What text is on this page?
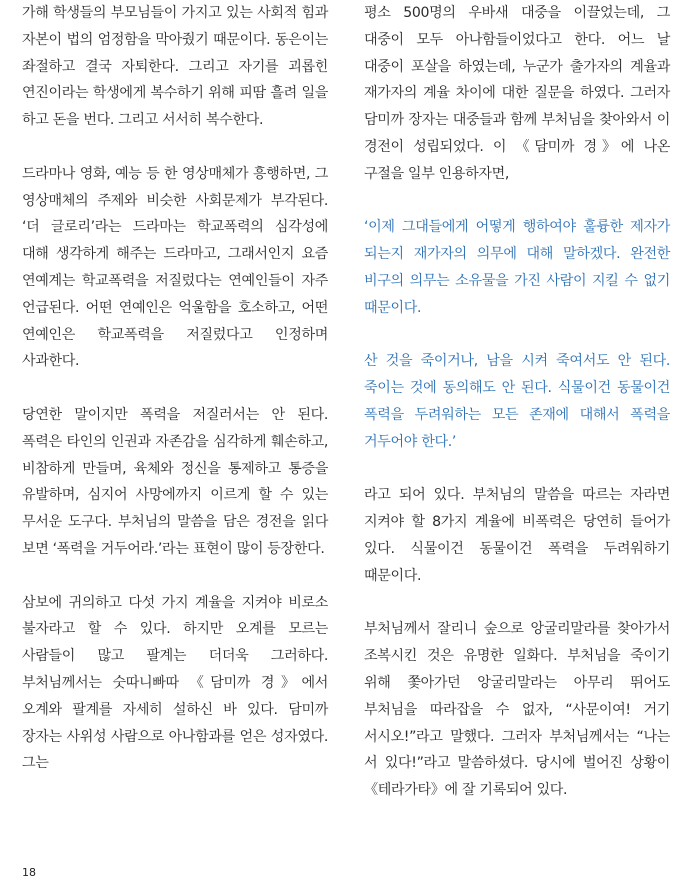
가해 학생들의 부모님들이 가지고 있는 사회적 힘과 자본이 법의 엄정함을 막아줬기 때문이다. 동은이는 좌절하고 결국 자퇴한다. 그리고 자기를 괴롭힌 연진이라는 학생에게 복수하기 위해 피땀 흘려 일을 하고 돈을 번다. 그리고 서서히 복수한다.

드라마나 영화, 예능 등 한 영상매체가 흥행하면, 그 영상매체의 주제와 비슷한 사회문제가 부각된다. ‘더 글로리’라는 드라마는 학교폭력의 심각성에 대해 생각하게 해주는 드라마고, 그래서인지 요즘 연예계는 학교폭력을 저질렀다는 연예인들이 자주 언급된다. 어떤 연예인은 억울함을 호소하고, 어떤 연예인은 학교폭력을 저질렀다고 인정하며 사과한다.

당연한 말이지만 폭력을 저질러서는 안 된다. 폭력은 타인의 인권과 자존감을 심각하게 훼손하고, 비참하게 만들며, 육체와 정신을 통제하고 통증을 유발하며, 심지어 사망에까지 이르게 할 수 있는 무서운 도구다. 부처님의 말씀을 담은 경전을 읽다 보면 ‘폭력을 거두어라.’라는 표현이 많이 등장한다.

삼보에 귀의하고 다섯 가지 계율을 지켜야 비로소 불자라고 할 수 있다. 하지만 오계를 모르는 사람들이 많고 팔계는 더더욱 그러하다. 부처님께서는 숫따니빠따 《담미까 경》에서 오계와 팔계를 자세히 설하신 바 있다. 담미까 장자는 사위성 사람으로 아나함과를 얻은 성자였다. 그는

평소 500명의 우바새 대중을 이끌었는데, 그 대중이 모두 아나함들이었다고 한다. 어느 날 대중이 포살을 하였는데, 누군가 출가자의 계율과 재가자의 계율 차이에 대한 질문을 하였다. 그러자 담미까 장자는 대중들과 함께 부처님을 찾아와서 이 경전이 성립되었다. 이 《담미까 경》에 나온 구절을 일부 인용하자면,

‘이제 그대들에게 어떻게 행하여야 훌륭한 제자가 되는지 재가자의 의무에 대해 말하겠다. 완전한 비구의 의무는 소유물을 가진 사람이 지킬 수 없기 때문이다.

산 것을 죽이거나, 남을 시켜 죽여서도 안 된다. 죽이는 것에 동의해도 안 된다. 식물이건 동물이건 폭력을 두려워하는 모든 존재에 대해서 폭력을 거두어야 한다.’

라고 되어 있다. 부처님의 말씀을 따르는 자라면 지켜야 할 8가지 계율에 비폭력은 당연히 들어가 있다. 식물이건 동물이건 폭력을 두려워하기 때문이다.

부처님께서 잘리니 숲으로 앙굴리말라를 찾아가서 조복시킨 것은 유명한 일화다. 부처님을 죽이기 위해 쫓아가던 앙굴리말라는 아무리 뛰어도 부처님을 따라잡을 수 없자, “사문이여! 거기 서시오!”라고 말했다. 그러자 부처님께서는 “나는 서 있다!”라고 말씀하셨다. 당시에 벌어진 상황이 《테라가타》에 잘 기록되어 있다.

18
